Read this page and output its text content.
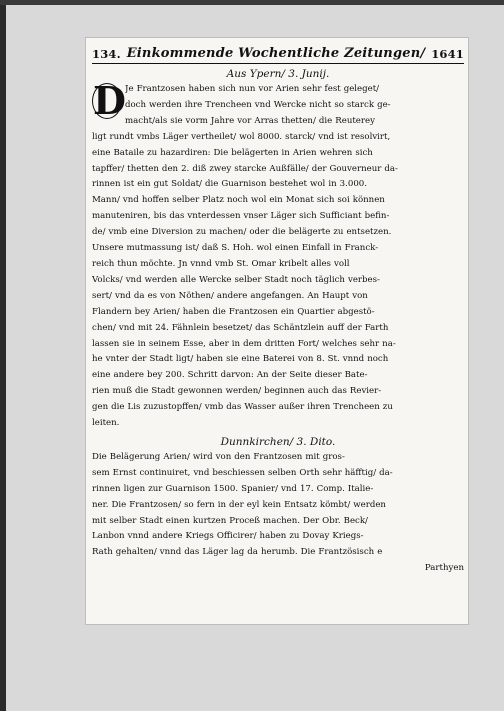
134. Einkommende Wochentliche Zeitungen/ 1641
Aus Ypern/ 3. Junij.
D Je Frantzosen haben sich nun vor Arien sehr fest geleget/
doch werden ihre Trencheen vnd Wercke nicht so starck ge-
macht/als sie vorm Jahre vor Arras thetten/ die Reuterey
ligt rundt vmbs Läger vertheilet/ wol 8000. starck/ vnd ist resolvirt,
eine Bataile zu hazardiren: Die belägerten in Arien wehren sich
tapffer/ thetten den 2. diß zwey starcke Außfälle/ der Gouverneur da-
rinnen ist ein gut Soldat/ die Guarnison bestehet wol in 3.000.
Mann/ vnd hoffen selber Platz noch wol ein Monat sich soi können
manuteniren, bis das vnterdessen vnser Läger sich Sufficiant befin-
de/ vmb eine Diversion zu machen/ oder die belägerte zu entsetzen.
Unsere mutmassung ist/ daß S. Hoh. wol einen Einfall in Franck-
reich thun möchte. Jn vnnd vmb St. Omar kribelt alles voll
Volcks/ vnd werden alle Wercke selber Stadt noch täglich verbes-
sert/ vnd da es von Nöthen/ andere angefangen. An Haupt von
Flandern bey Arien/ haben die Frantzosen ein Quartier abgestö-
chen/ vnd mit 24. Fähnlein besetzet/ das Schäntzlein auff der Farth
lassen sie in seinem Esse, aber in dem dritten Fort/ welches sehr na-
he vnter der Stadt ligt/ haben sie eine Baterei von 8. St. vnnd noch
eine andere bey 200. Schritt darvon: An der Seite dieser Bate-
rien muß die Stadt gewonnen werden/ beginnen auch das Revier-
gen die Lis zuzustopffen/ vmb das Wasser außer ihren Trencheen zu
leiten.
Dunnkirchen/ 3. Dito.
Die Belägerung Arien/ wird von den Frantzosen mit gros-
sem Ernst continuiret, vnd beschiessen selben Orth sehr häfftig/ da-
rinnen ligen zur Guarnison 1500. Spanier/ vnd 17. Comp. Italie-
ner. Die Frantzosen/ so fern in der eyl kein Entsatz kömbt/ werden
mit selber Stadt einen kurtzen Proceß machen. Der Obr. Beck/
Lanbon vnnd andere Kriegs Officirer/ haben zu Dovay Kriegs-
Rath gehalten/ vnnd das Läger lag da herumb. Die Frantzösisch e
Parthyen
